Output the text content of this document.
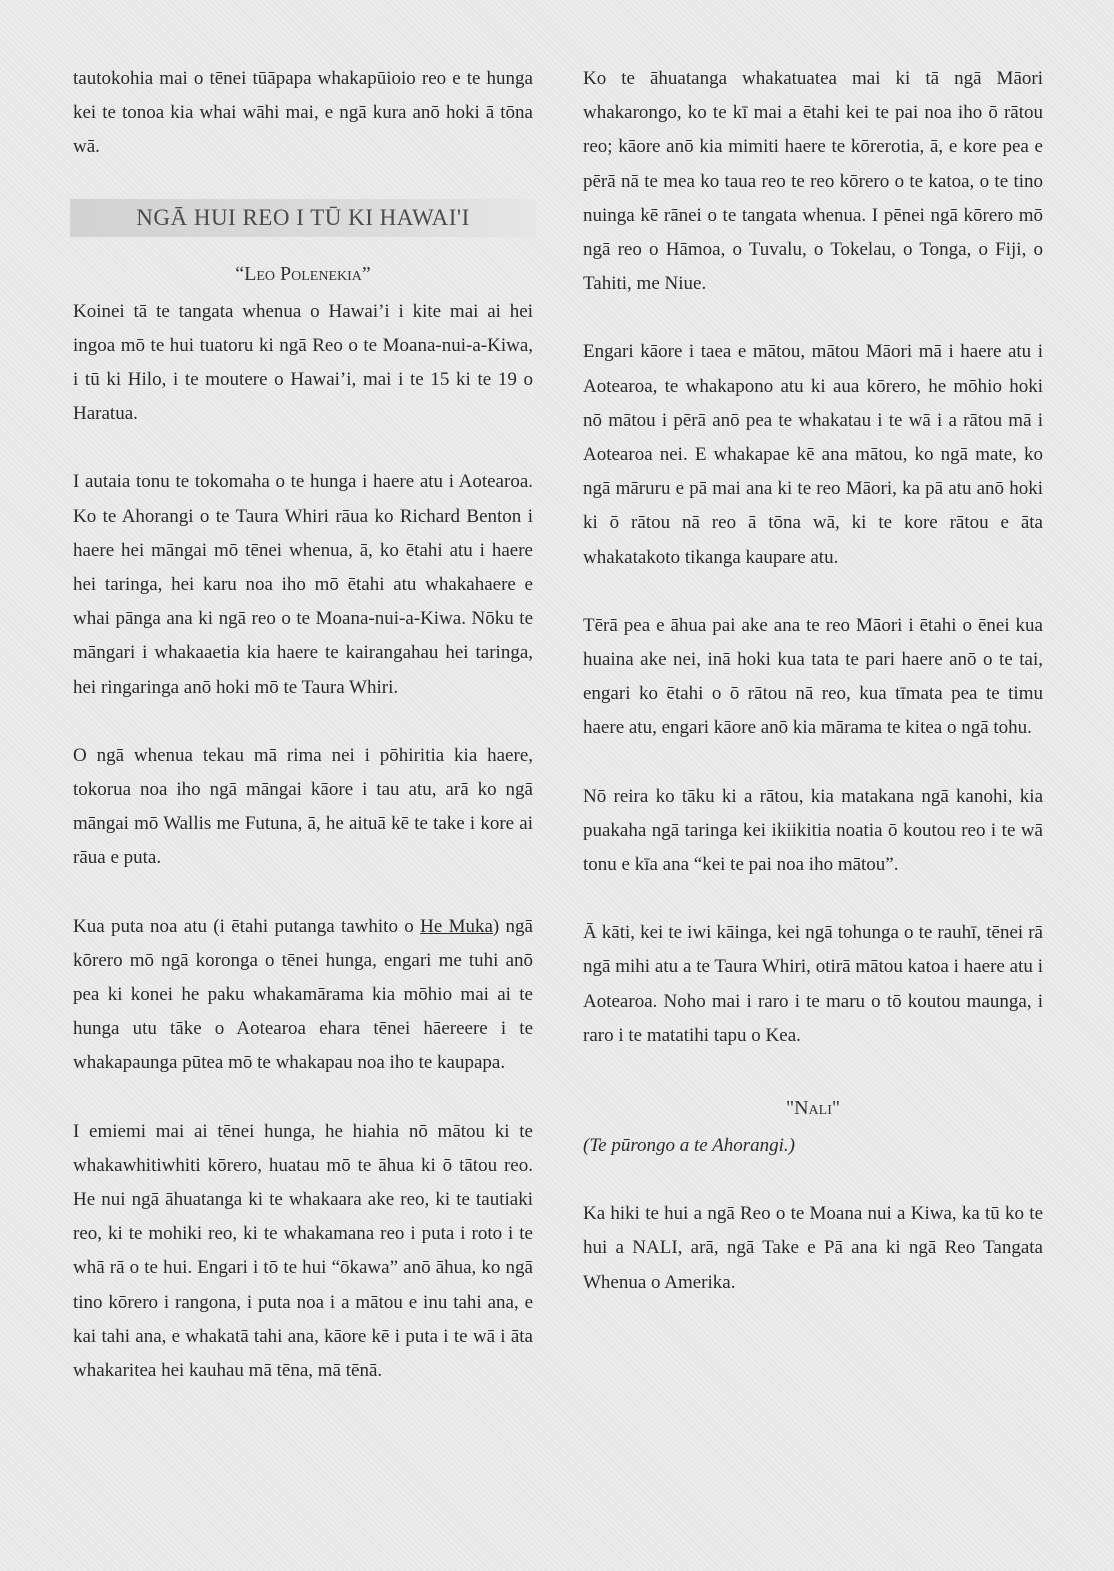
tautokohia mai o tēnei tūāpapa whakapūioio reo e te hunga kei te tonoa kia whai wāhi mai, e ngā kura anō hoki ā tōna wā.

NGĀ HUI REO I TŪ KI HAWAI'I
“Leo Polenekia”

Koinei tā te tangata whenua o Hawai’i i kite mai ai hei ingoa mō te hui tuatoru ki ngā Reo o te Moana-nui-a-Kiwa, i tū ki Hilo, i te moutere o Hawai’i, mai i te 15 ki te 19 o Haratua.

I autaia tonu te tokomaha o te hunga i haere atu i Aotearoa. Ko te Ahorangi o te Taura Whiri rāua ko Richard Benton i haere hei māngai mō tēnei whenua, ā, ko ētahi atu i haere hei taringa, hei karu noa iho mō ētahi atu whakahaere e whai pānga ana ki ngā reo o te Moana-nui-a-Kiwa. Nōku te māngari i whakaaetia kia haere te kairangahau hei taringa, hei ringaringa anō hoki mō te Taura Whiri.

O ngā whenua tekau mā rima nei i pōhiritia kia haere, tokorua noa iho ngā māngai kāore i tau atu, arā ko ngā māngai mō Wallis me Futuna, ā, he aituā kē te take i kore ai rāua e puta.

Kua puta noa atu (i ētahi putanga tawhito o He Muka) ngā kōrero mō ngā koronga o tēnei hunga, engari me tuhi anō pea ki konei he paku whakamārama kia mōhio mai ai te hunga utu tāke o Aotearoa ehara tēnei hāereere i te whakapaunga pūtea mō te whakapau noa iho te kaupapa.

I emiemi mai ai tēnei hunga, he hiahia nō mātou ki te whakawhitiwhiti kōrero, huatau mō te āhua ki ō tātou reo. He nui ngā āhuatanga ki te whakaara ake reo, ki te tautiaki reo, ki te mohiki reo, ki te whakamana reo i puta i roto i te whā rā o te hui. Engari i tō te hui “ōkawa” anō āhua, ko ngā tino kōrero i rangona, i puta noa i a mātou e inu tahi ana, e kai tahi ana, e whakatā tahi ana, kāore kē i puta i te wā i āta whakaritea hei kauhau mā tēna, mā tēnā.

Ko te āhuatanga whakatuatea mai ki tā ngā Māori whakarongo, ko te kī mai a ētahi kei te pai noa iho ō rātou reo; kāore anō kia mimiti haere te kōrerotia, ā, e kore pea e pērā nā te mea ko taua reo te reo kōrero o te katoa, o te tino nuinga kē rānei o te tangata whenua. I pēnei ngā kōrero mō ngā reo o Hāmoa, o Tuvalu, o Tokelau, o Tonga, o Fiji, o Tahiti, me Niue.

Engari kāore i taea e mātou, mātou Māori mā i haere atu i Aotearoa, te whakapono atu ki aua kōrero, he mōhio hoki nō mātou i pērā anō pea te whakatau i te wā i a rātou mā i Aotearoa nei. E whakapae kē ana mātou, ko ngā mate, ko ngā māruru e pā mai ana ki te reo Māori, ka pā atu anō hoki ki ō rātou nā reo ā tōna wā, ki te kore rātou e āta whakatakoto tikanga kaupare atu.

Tērā pea e āhua pai ake ana te reo Māori i ētahi o ēnei kua huaina ake nei, inā hoki kua tata te pari haere anō o te tai, engari ko ētahi o ō rātou nā reo, kua tīmata pea te timu haere atu, engari kāore anō kia mārama te kitea o ngā tohu.

Nō reira ko tāku ki a rātou, kia matakana ngā kanohi, kia puakaha ngā taringa kei ikiikitia noatia ō koutou reo i te wā tonu e kīa ana “kei te pai noa iho mātou”.

Ā kāti, kei te iwi kāinga, kei ngā tohunga o te rauhī, tēnei rā ngā mihi atu a te Taura Whiri, otirā mātou katoa i haere atu i Aotearoa. Noho mai i raro i te maru o tō koutou maunga, i raro i te matatihi tapu o Kea.

"Nali"

(Te pūrongo a te Ahorangi.)

Ka hiki te hui a ngā Reo o te Moana nui a Kiwa, ka tū ko te hui a NALI, arā, ngā Take e Pā ana ki ngā Reo Tangata Whenua o Amerika.
